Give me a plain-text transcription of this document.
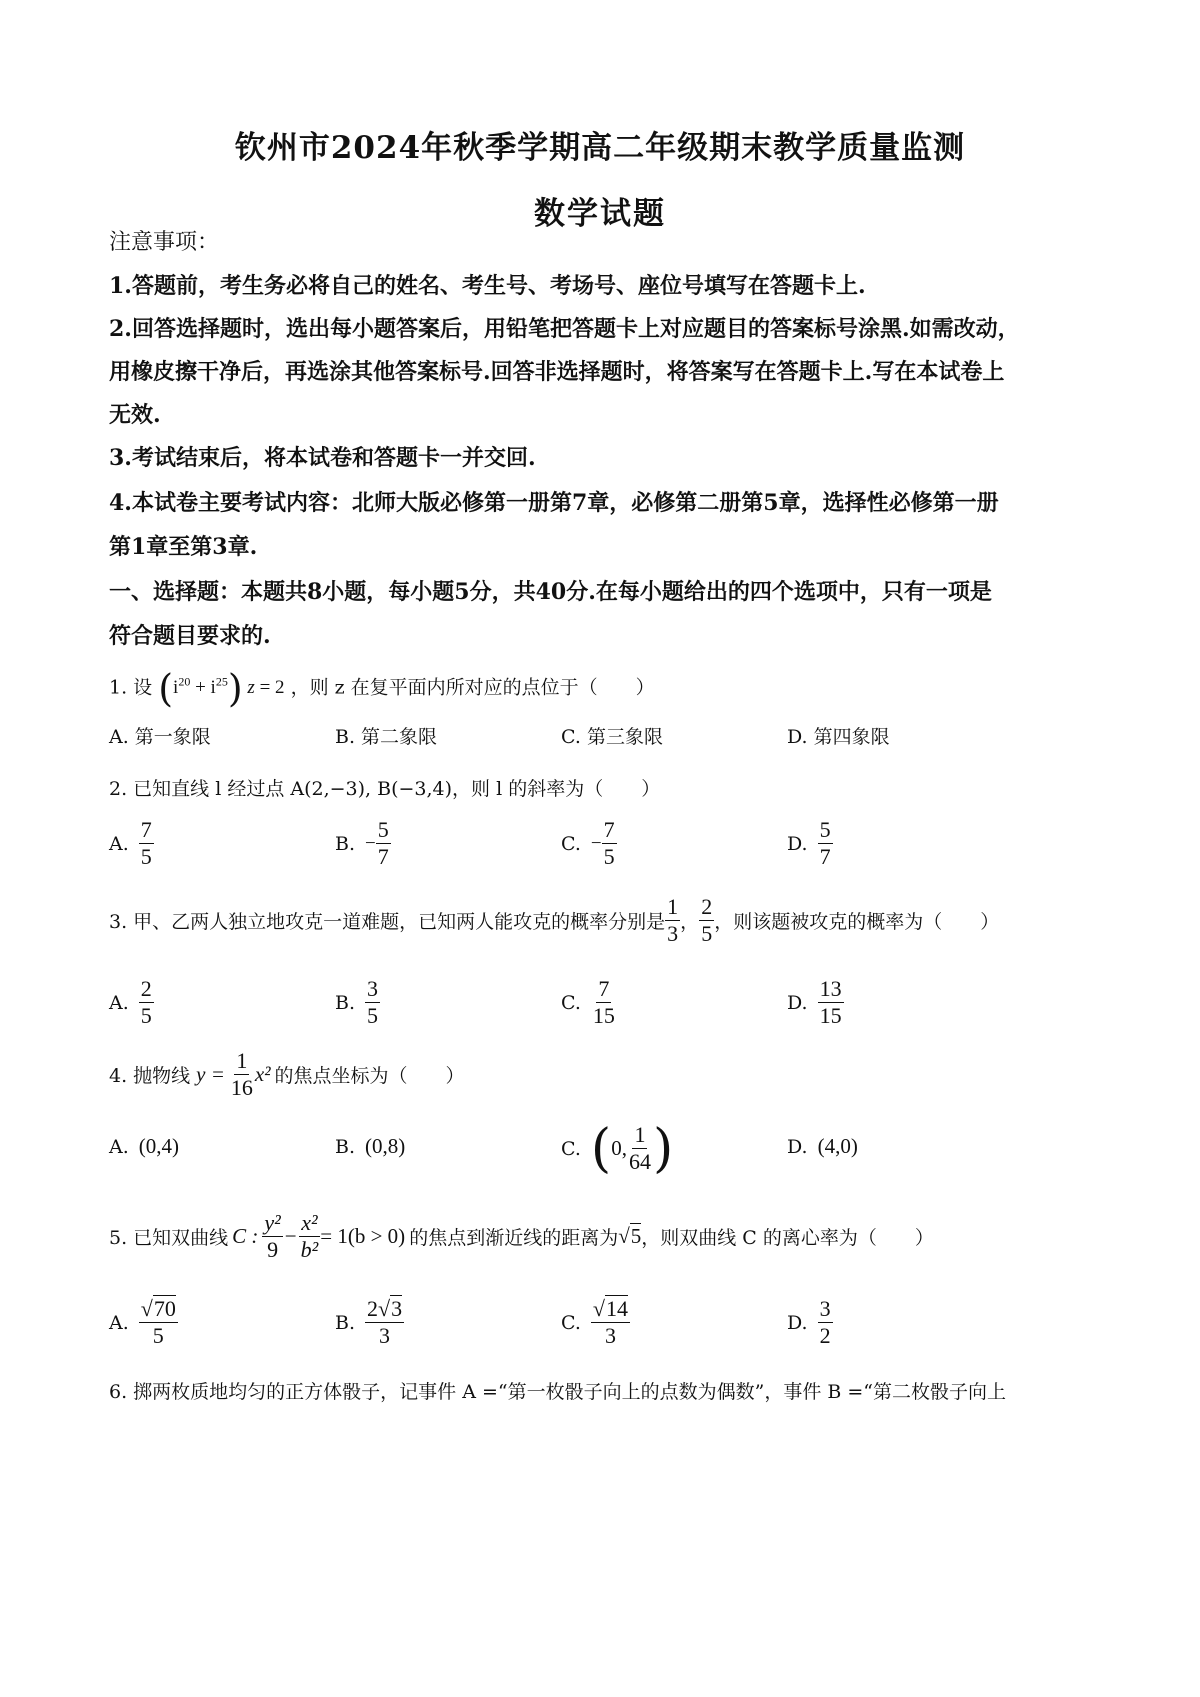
钦州市2024年秋季学期高二年级期末教学质量监测
数学试题
注意事项：
1.答题前，考生务必将自己的姓名、考生号、考场号、座位号填写在答题卡上.
2.回答选择题时，选出每小题答案后，用铅笔把答题卡上对应题目的答案标号涂黑.如需改动，
用橡皮擦干净后，再选涂其他答案标号.回答非选择题时，将答案写在答题卡上.写在本试卷上
无效.
3.考试结束后，将本试卷和答题卡一并交回.
4.本试卷主要考试内容：北师大版必修第一册第7章，必修第二册第5章，选择性必修第一册
第1章至第3章.
一、选择题：本题共8小题，每小题5分，共40分.在每小题给出的四个选项中，只有一项是
符合题目要求的.
1. 设 $(i^{20} + i^{25}) z = 2$ ，则 z 在复平面内所对应的点位于（　　）
A. 第一象限	B. 第二象限	C. 第三象限	D. 第四象限
2. 已知直线 l 经过点 A(2,−3), B(−3,4)，则 l 的斜率为（　　）
A. $\frac{7}{5}$	B. − $\frac{5}{7}$	C. − $\frac{7}{5}$	D. $\frac{5}{7}$
3. 甲、乙两人独立地攻克一道难题，已知两人能攻克的概率分别是 $\frac{1}{3}$ ， $\frac{2}{5}$ ，则该题被攻克的概率为（　　）
A. $\frac{2}{5}$	B. $\frac{3}{5}$	C. $\frac{7}{15}$	D. $\frac{13}{15}$
4. 抛物线 $y = \frac{1}{16} x^2$ 的焦点坐标为（　　）
A. (0,4)	B. (0,8)	C. ( 0, $\frac{1}{64}$ )	D. (4,0)
5. 已知双曲线 C : $\frac{\text{y²}}{9} - \frac{\text{x²}}{\text{b²}} = 1(b > 0)$ 的焦点到渐近线的距离为 √5 ，则双曲线 C 的离心率为（　　）
A. $\frac{√70}{5}$	B. $\frac{2√3}{3}$	C. $\frac{√14}{3}$	D. $\frac{3}{2}$
6. 掷两枚质地均匀的正方体骰子，记事件 A =“第一枚骰子向上的点数为偶数”，事件 B =“第二枚骰子向上
